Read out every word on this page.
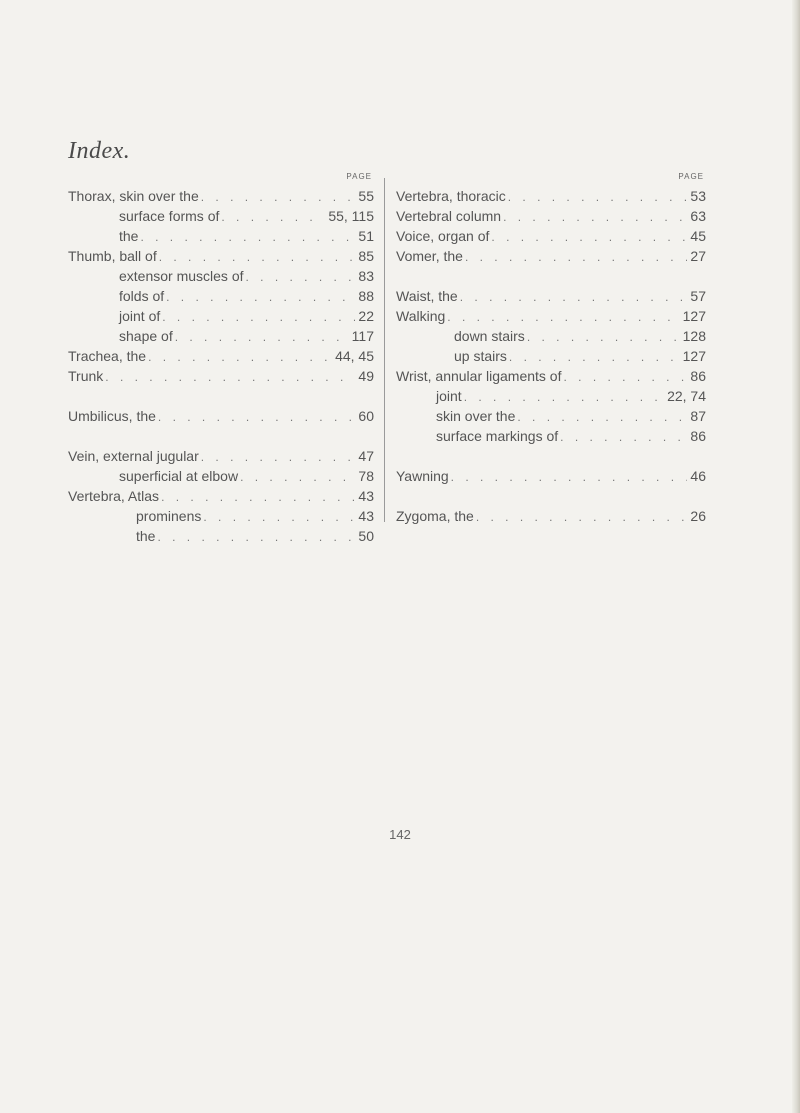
Index.
PAGE
Thorax, skin over the . . .	55
surface forms of . . .	55, 115
the . . .	51
Thumb, ball of . . .	85
extensor muscles of . . .	83
folds of . . .	88
joint of . . .	22
shape of . . .	117
Trachea, the . . .	44, 45
Trunk . . .	49
Umbilicus, the . . .	60
Vein, external jugular . . .	47
superficial at elbow . . .	78
Vertebra, Atlas . . .	43
prominens . . .	43
the . . .	50
PAGE
Vertebra, thoracic . . .	53
Vertebral column . . .	63
Voice, organ of . . .	45
Vomer, the . . .	27
Waist, the . . .	57
Walking . . .	127
down stairs . . .	128
up stairs . . .	127
Wrist, annular ligaments of . . .	86
joint . . .	22, 74
skin over the . . .	87
surface markings of . . .	86
Yawning . . .	46
Zygoma, the . . .	26
142
